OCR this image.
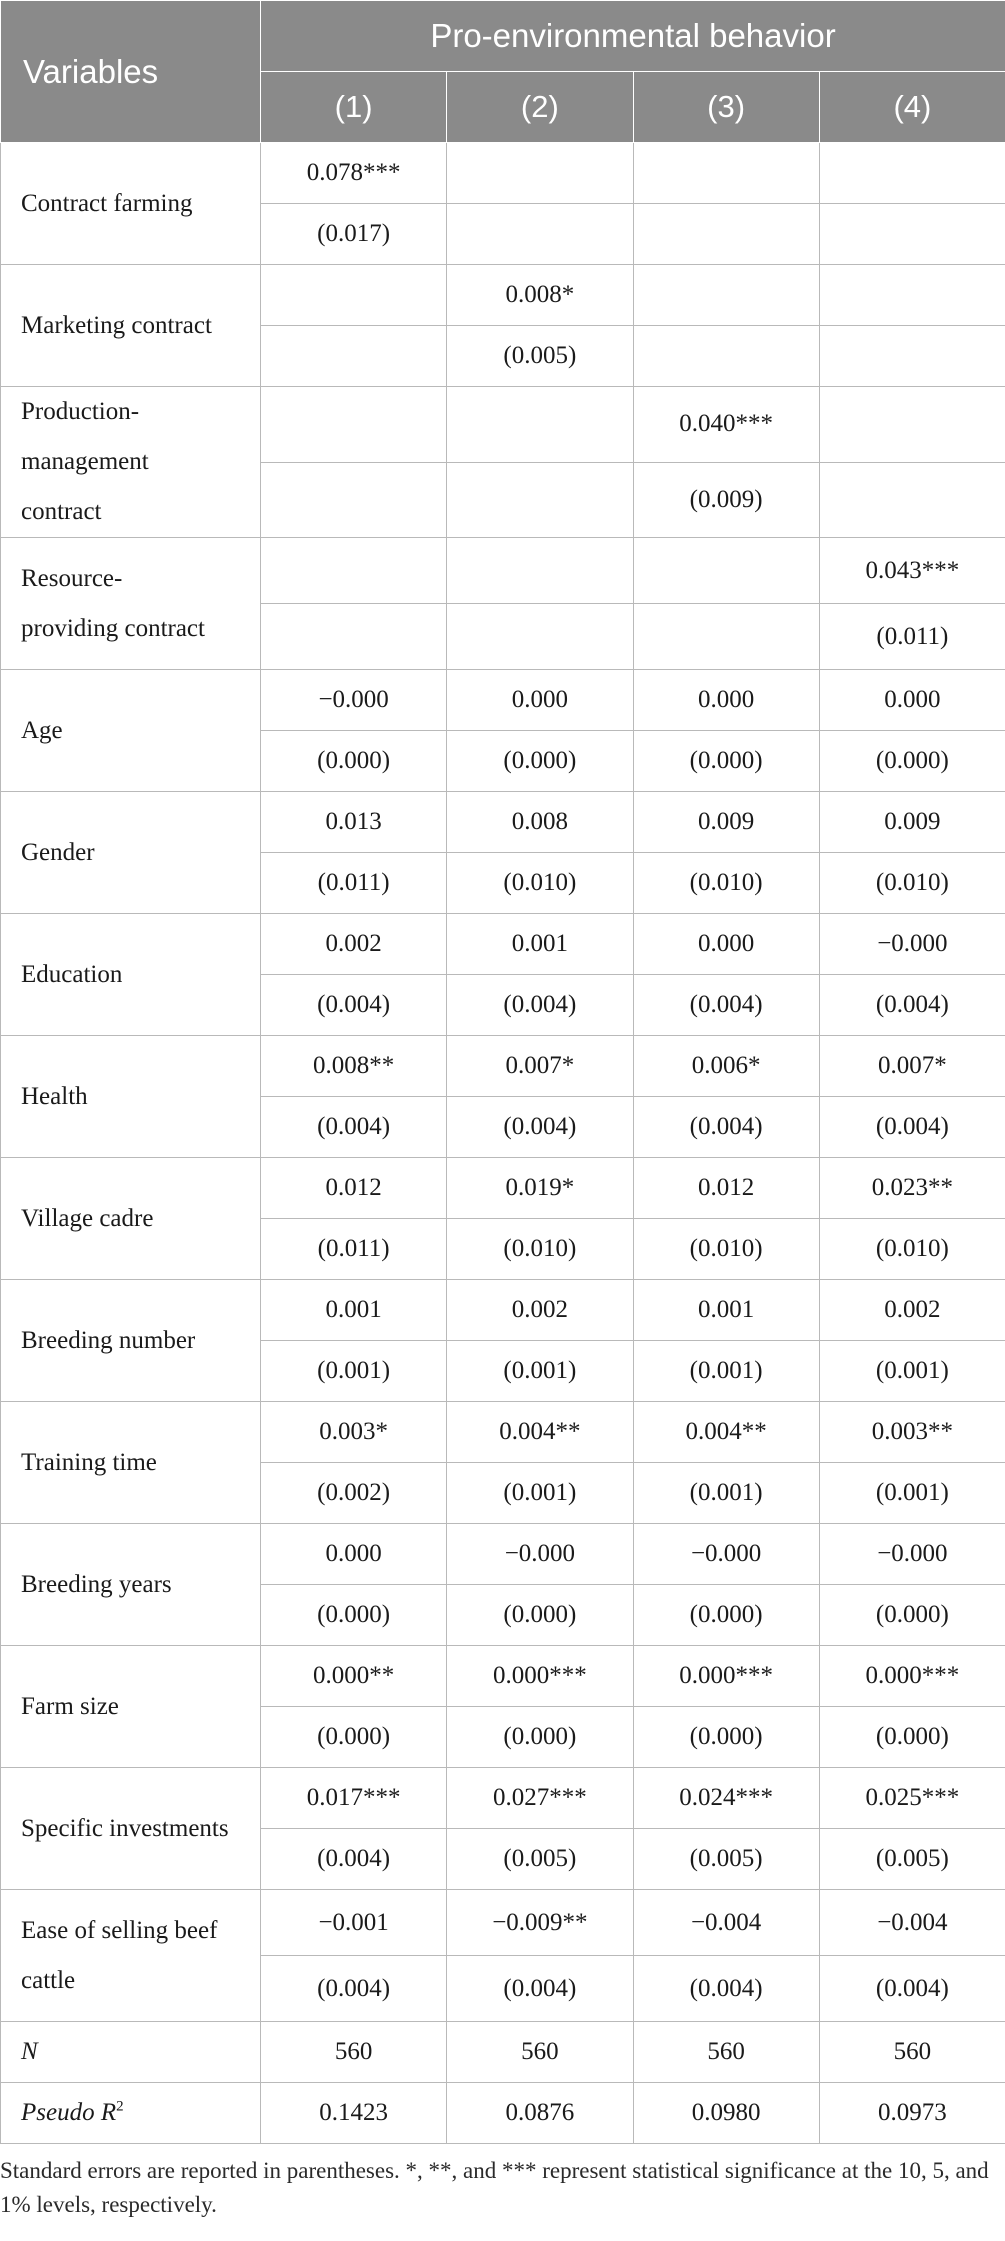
Variables	Pro-environmental behavior			
	(1)	(2)	(3)	(4)
Contract farming	0.078***			
	(0.017)			
Marketing contract		0.008*		
		(0.005)		
Production-
management
contract			0.040***	
			(0.009)	
Resource-
providing contract				0.043***
				(0.011)
Age	−0.000	0.000	0.000	0.000
	(0.000)	(0.000)	(0.000)	(0.000)
Gender	0.013	0.008	0.009	0.009
	(0.011)	(0.010)	(0.010)	(0.010)
Education	0.002	0.001	0.000	−0.000
	(0.004)	(0.004)	(0.004)	(0.004)
Health	0.008**	0.007*	0.006*	0.007*
	(0.004)	(0.004)	(0.004)	(0.004)
Village cadre	0.012	0.019*	0.012	0.023**
	(0.011)	(0.010)	(0.010)	(0.010)
Breeding number	0.001	0.002	0.001	0.002
	(0.001)	(0.001)	(0.001)	(0.001)
Training time	0.003*	0.004**	0.004**	0.003**
	(0.002)	(0.001)	(0.001)	(0.001)
Breeding years	0.000	−0.000	−0.000	−0.000
	(0.000)	(0.000)	(0.000)	(0.000)
Farm size	0.000**	0.000***	0.000***	0.000***
	(0.000)	(0.000)	(0.000)	(0.000)
Specific investments	0.017***	0.027***	0.024***	0.025***
	(0.004)	(0.005)	(0.005)	(0.005)
Ease of selling beef cattle	−0.001	−0.009**	−0.004	−0.004
	(0.004)	(0.004)	(0.004)	(0.004)
N	560	560	560	560
Pseudo $R^2$	0.1423	0.0876	0.0980	0.0973
Standard errors are reported in parentheses. *, **, and *** represent statistical significance at the 10, 5, and 1% levels, respectively.
